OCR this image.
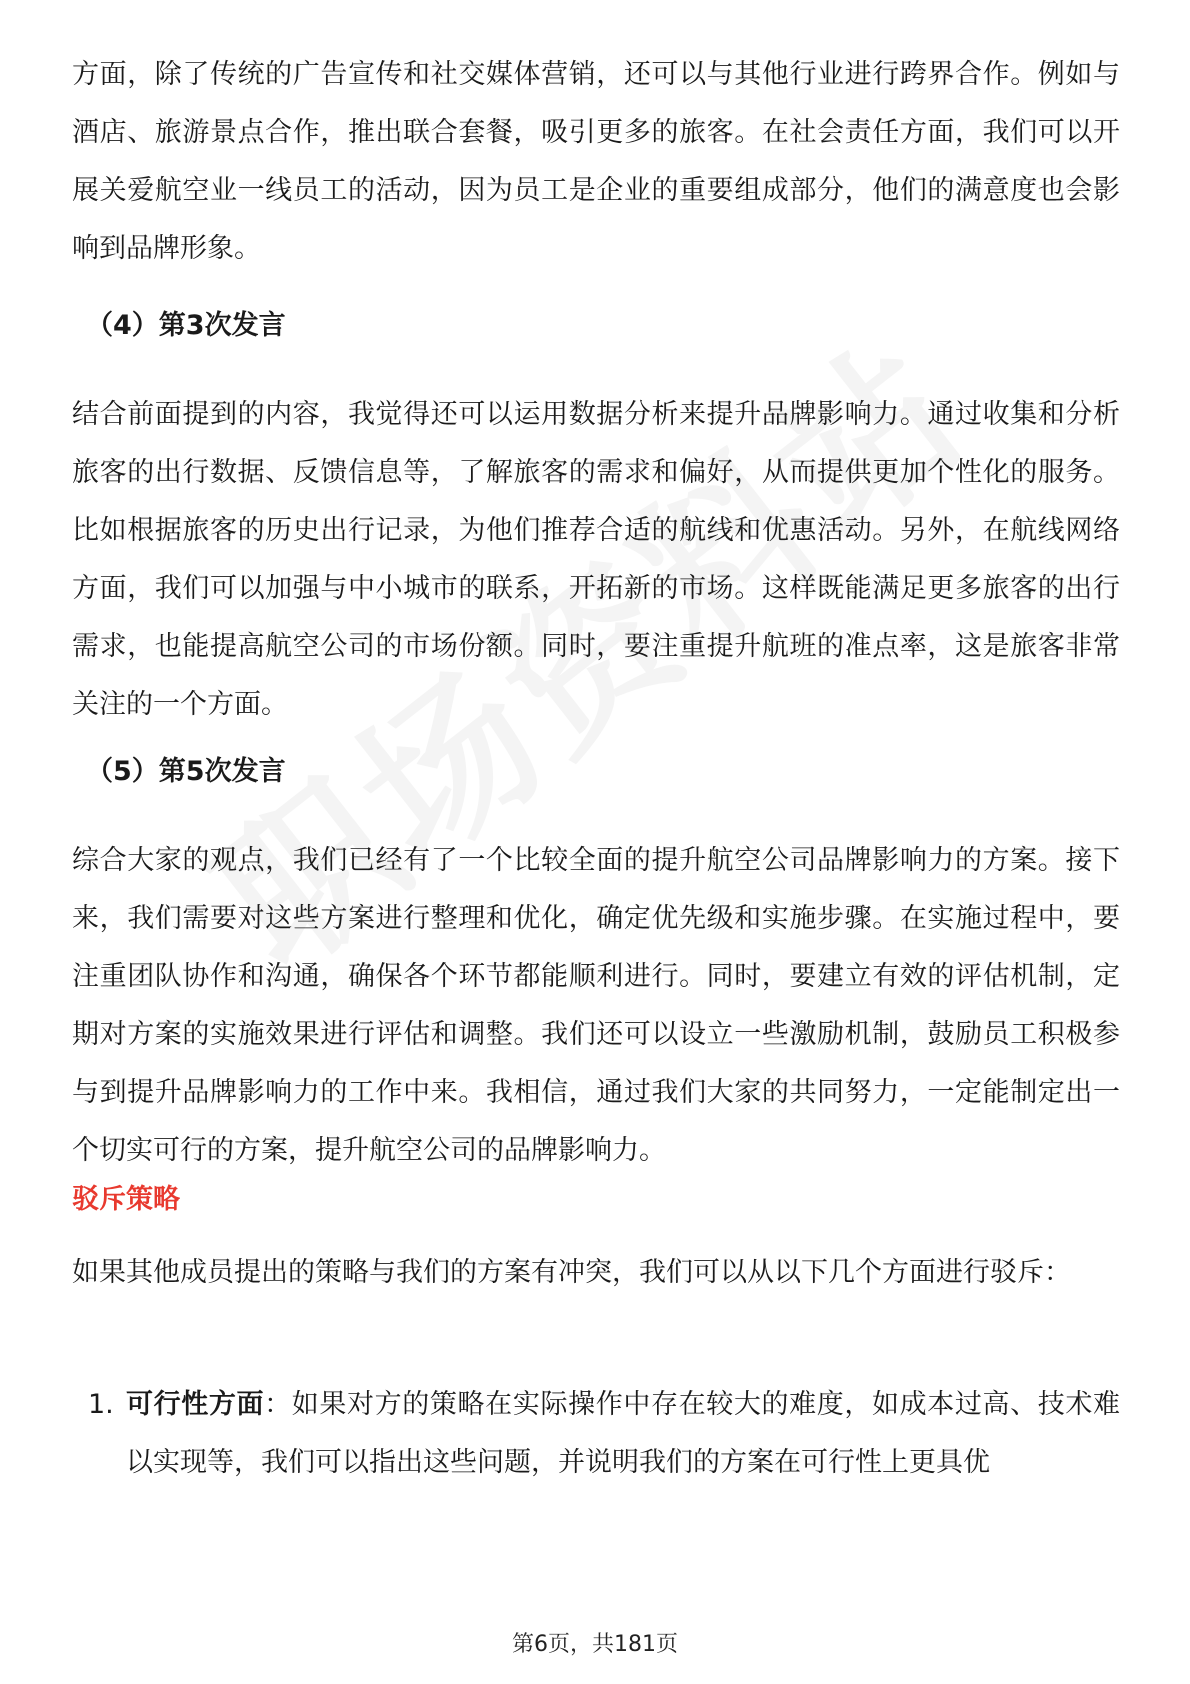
方面，除了传统的广告宣传和社交媒体营销，还可以与其他行业进行跨界合作。例如与酒店、旅游景点合作，推出联合套餐，吸引更多的旅客。在社会责任方面，我们可以开展关爱航空业一线员工的活动，因为员工是企业的重要组成部分，他们的满意度也会影响到品牌形象。

（4）第3次发言

结合前面提到的内容，我觉得还可以运用数据分析来提升品牌影响力。通过收集和分析旅客的出行数据、反馈信息等，了解旅客的需求和偏好，从而提供更加个性化的服务。比如根据旅客的历史出行记录，为他们推荐合适的航线和优惠活动。另外，在航线网络方面，我们可以加强与中小城市的联系，开拓新的市场。这样既能满足更多旅客的出行需求，也能提高航空公司的市场份额。同时，要注重提升航班的准点率，这是旅客非常关注的一个方面。

（5）第5次发言

综合大家的观点，我们已经有了一个比较全面的提升航空公司品牌影响力的方案。接下来，我们需要对这些方案进行整理和优化，确定优先级和实施步骤。在实施过程中，要注重团队协作和沟通，确保各个环节都能顺利进行。同时，要建立有效的评估机制，定期对方案的实施效果进行评估和调整。我们还可以设立一些激励机制，鼓励员工积极参与到提升品牌影响力的工作中来。我相信，通过我们大家的共同努力，一定能制定出一个切实可行的方案，提升航空公司的品牌影响力。

驳斥策略

如果其他成员提出的策略与我们的方案有冲突，我们可以从以下几个方面进行驳斥：

1. 可行性方面：如果对方的策略在实际操作中存在较大的难度，如成本过高、技术难以实现等，我们可以指出这些问题，并说明我们的方案在可行性上更具优
第6页，共181页
